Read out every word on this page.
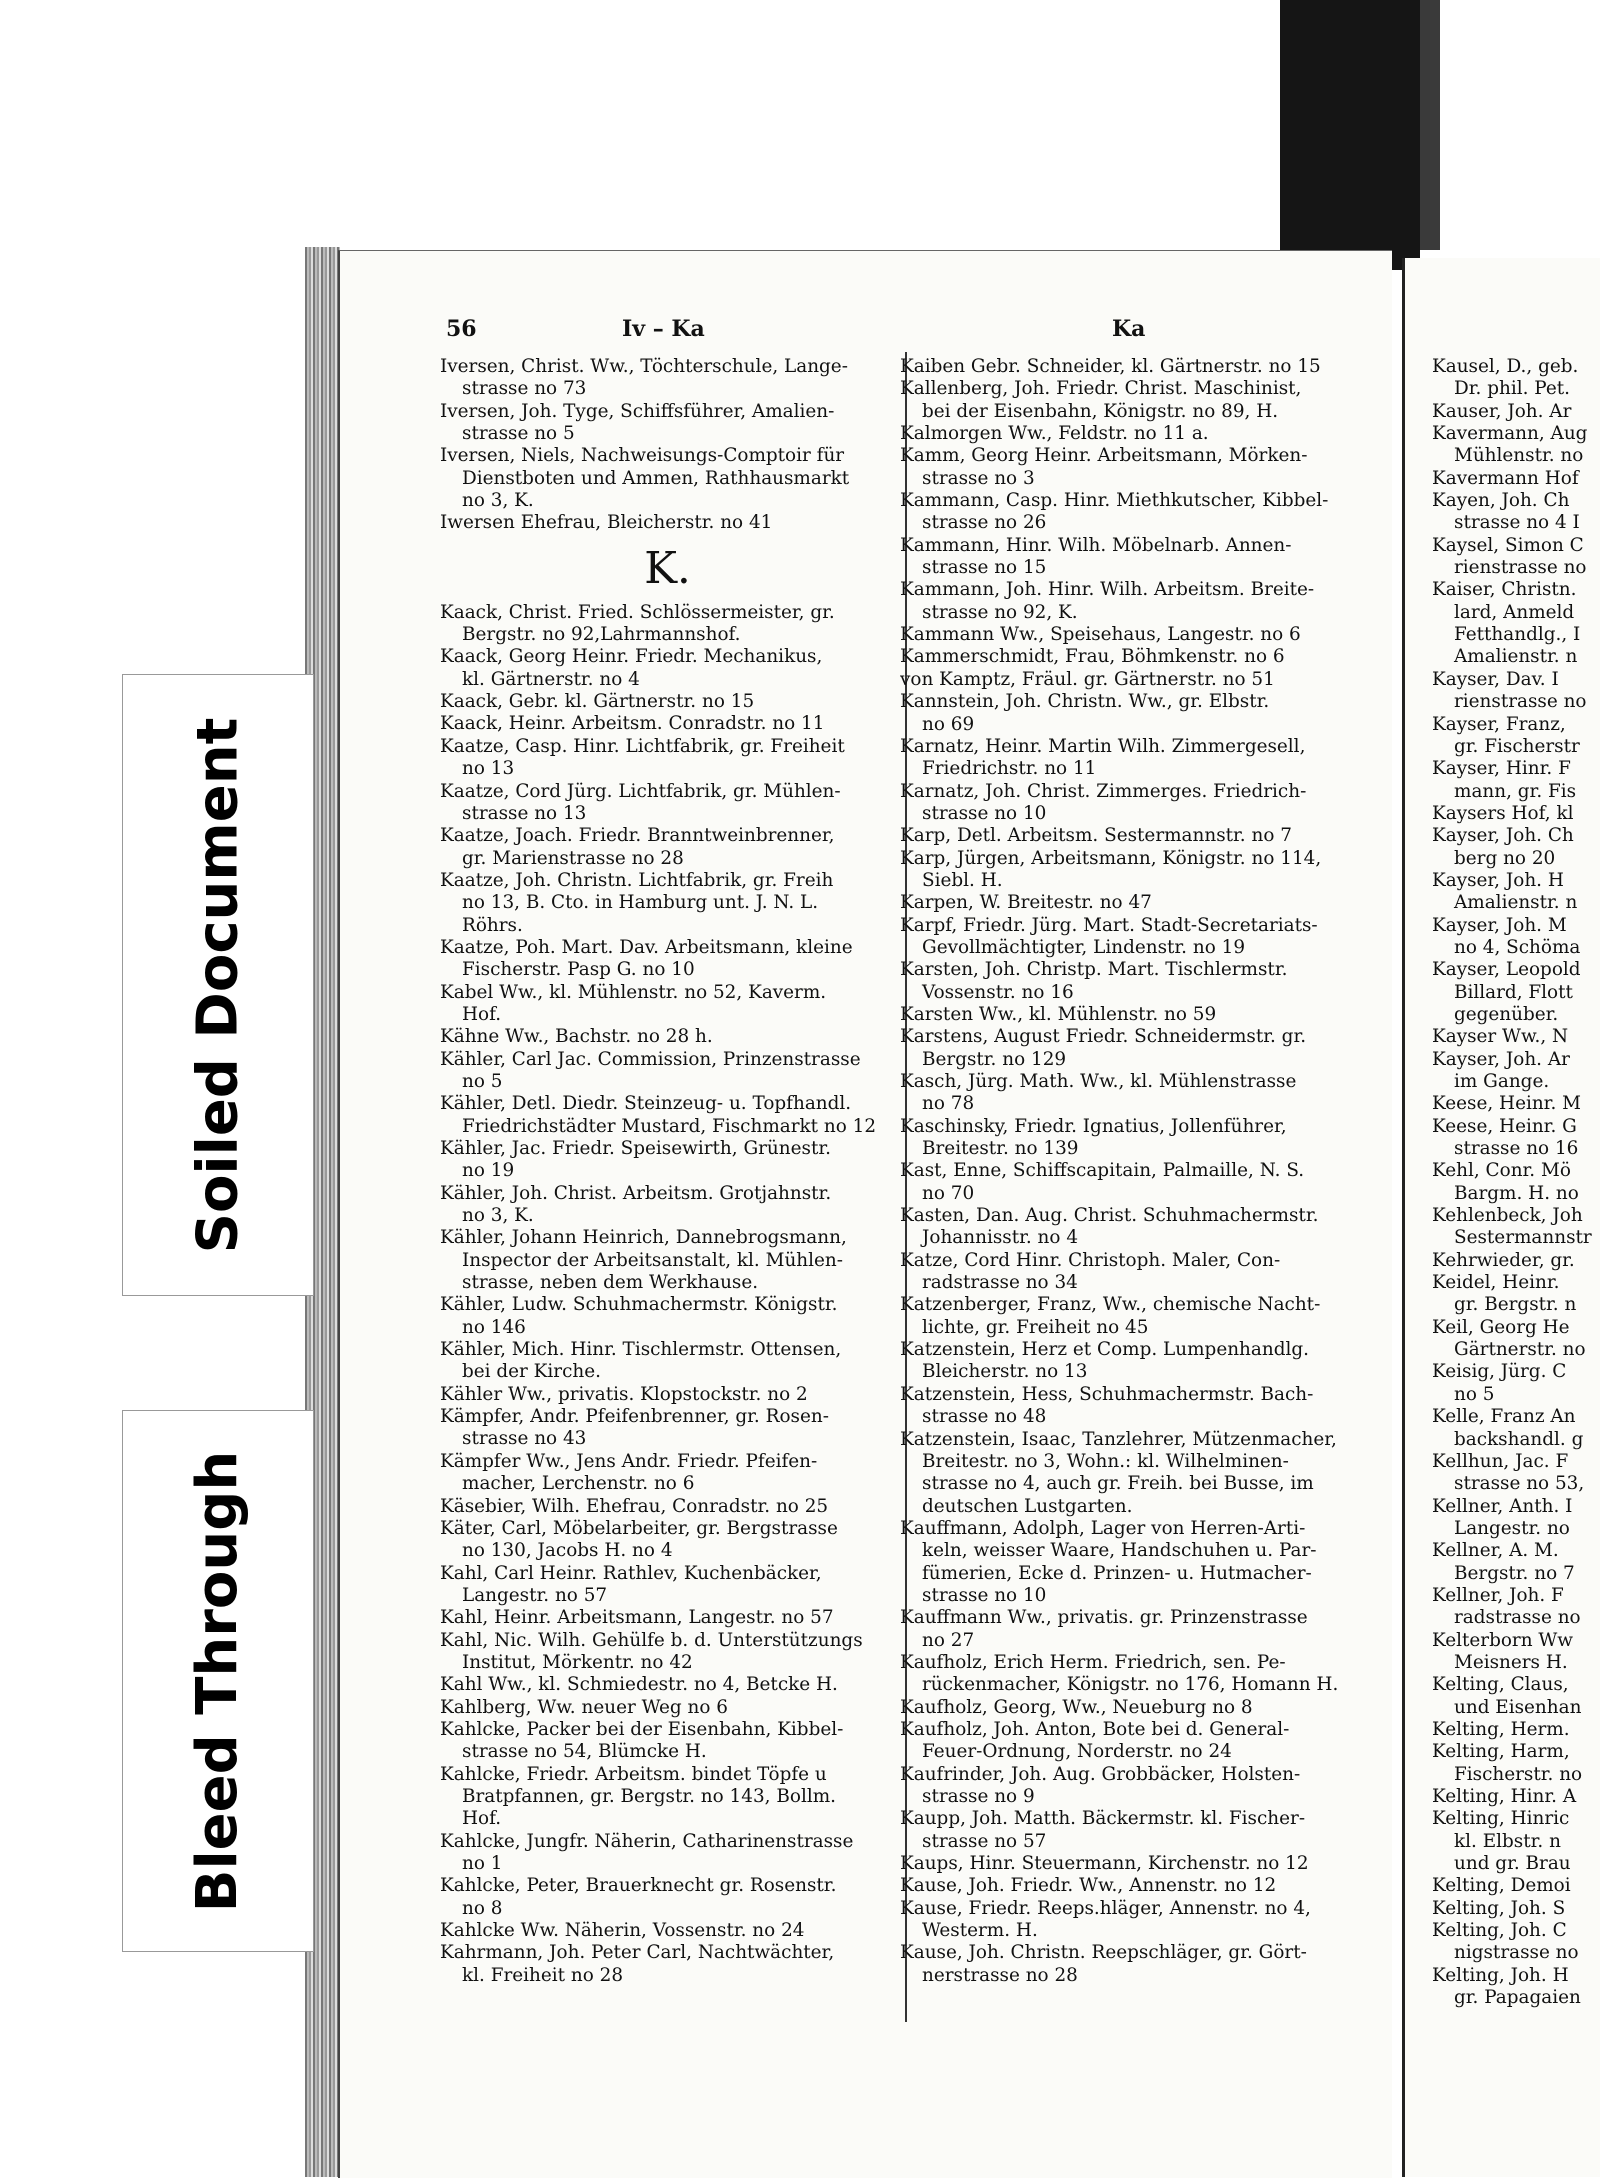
Soiled Document
Bleed Through
56	Iv – Ka	Ka
Iversen, Christ. Ww., Töchterschule, Lange-
strasse no 73
Iversen, Joh. Tyge, Schiffsführer, Amalien-
strasse no 5
Iversen, Niels, Nachweisungs-Comptoir für
Dienstboten und Ammen, Rathhausmarkt
no 3, K.
Iwersen Ehefrau, Bleicherstr. no 41
K.
Kaack, Christ. Fried. Schlössermeister, gr.
Bergstr. no 92,Lahrmannshof.
Kaack, Georg Heinr. Friedr. Mechanikus,
kl. Gärtnerstr. no 4
Kaack, Gebr. kl. Gärtnerstr. no 15
Kaack, Heinr. Arbeitsm. Conradstr. no 11
Kaatze, Casp. Hinr. Lichtfabrik, gr. Freiheit
no 13
Kaatze, Cord Jürg. Lichtfabrik, gr. Mühlen-
strasse no 13
Kaatze, Joach. Friedr. Branntweinbrenner,
gr. Marienstrasse no 28
Kaatze, Joh. Christn. Lichtfabrik, gr. Freih
no 13, B. Cto. in Hamburg unt. J. N. L.
Röhrs.
Kaatze, Poh. Mart. Dav. Arbeitsmann, kleine
Fischerstr. Pasp G. no 10
Kabel Ww., kl. Mühlenstr. no 52, Kaverm.
Hof.
Kähne Ww., Bachstr. no 28 h.
Kähler, Carl Jac. Commission, Prinzenstrasse
no 5
Kähler, Detl. Diedr. Steinzeug- u. Topfhandl.
Friedrichstädter Mustard, Fischmarkt no 12
Kähler, Jac. Friedr. Speisewirth, Grünestr.
no 19
Kähler, Joh. Christ. Arbeitsm. Grotjahnstr.
no 3, K.
Kähler, Johann Heinrich, Dannebrogsmann,
Inspector der Arbeitsanstalt, kl. Mühlen-
strasse, neben dem Werkhause.
Kähler, Ludw. Schuhmachermstr. Königstr.
no 146
Kähler, Mich. Hinr. Tischlermstr. Ottensen,
bei der Kirche.
Kähler Ww., privatis. Klopstockstr. no 2
Kämpfer, Andr. Pfeifenbrenner, gr. Rosen-
strasse no 43
Kämpfer Ww., Jens Andr. Friedr. Pfeifen-
macher, Lerchenstr. no 6
Käsebier, Wilh. Ehefrau, Conradstr. no 25
Käter, Carl, Möbelarbeiter, gr. Bergstrasse
no 130, Jacobs H. no 4
Kahl, Carl Heinr. Rathlev, Kuchenbäcker,
Langestr. no 57
Kahl, Heinr. Arbeitsmann, Langestr. no 57
Kahl, Nic. Wilh. Gehülfe b. d. Unterstützungs
Institut, Mörkentr. no 42
Kahl Ww., kl. Schmiedestr. no 4, Betcke H.
Kahlberg, Ww. neuer Weg no 6
Kahlcke, Packer bei der Eisenbahn, Kibbel-
strasse no 54, Blümcke H.
Kahlcke, Friedr. Arbeitsm. bindet Töpfe u
Bratpfannen, gr. Bergstr. no 143, Bollm.
Hof.
Kahlcke, Jungfr. Näherin, Catharinenstrasse
no 1
Kahlcke, Peter, Brauerknecht gr. Rosenstr.
no 8
Kahlcke Ww. Näherin, Vossenstr. no 24
Kahrmann, Joh. Peter Carl, Nachtwächter,
kl. Freiheit no 28
Kaiben Gebr. Schneider, kl. Gärtnerstr. no 15
Kallenberg, Joh. Friedr. Christ. Maschinist,
bei der Eisenbahn, Königstr. no 89, H.
Kalmorgen Ww., Feldstr. no 11 a.
Kamm, Georg Heinr. Arbeitsmann, Mörken-
strasse no 3
Kammann, Casp. Hinr. Miethkutscher, Kibbel-
strasse no 26
Kammann, Hinr. Wilh. Möbelnarb. Annen-
strasse no 15
Kammann, Joh. Hinr. Wilh. Arbeitsm. Breite-
strasse no 92, K.
Kammann Ww., Speisehaus, Langestr. no 6
Kammerschmidt, Frau, Böhmkenstr. no 6
von Kamptz, Fräul. gr. Gärtnerstr. no 51
Kannstein, Joh. Christn. Ww., gr. Elbstr.
no 69
Karnatz, Heinr. Martin Wilh. Zimmergesell,
Friedrichstr. no 11
Karnatz, Joh. Christ. Zimmerges. Friedrich-
strasse no 10
Karp, Detl. Arbeitsm. Sestermannstr. no 7
Karp, Jürgen, Arbeitsmann, Königstr. no 114,
Siebl. H.
Karpen, W. Breitestr. no 47
Karpf, Friedr. Jürg. Mart. Stadt-Secretariats-
Gevollmächtigter, Lindenstr. no 19
Karsten, Joh. Christp. Mart. Tischlermstr.
Vossenstr. no 16
Karsten Ww., kl. Mühlenstr. no 59
Karstens, August Friedr. Schneidermstr. gr.
Bergstr. no 129
Kasch, Jürg. Math. Ww., kl. Mühlenstrasse
no 78
Kaschinsky, Friedr. Ignatius, Jollenführer,
Breitestr. no 139
Kast, Enne, Schiffscapitain, Palmaille, N. S.
no 70
Kasten, Dan. Aug. Christ. Schuhmachermstr.
Johannisstr. no 4
Katze, Cord Hinr. Christoph. Maler, Con-
radstrasse no 34
Katzenberger, Franz, Ww., chemische Nacht-
lichte, gr. Freiheit no 45
Katzenstein, Herz et Comp. Lumpenhandlg.
Bleicherstr. no 13
Katzenstein, Hess, Schuhmachermstr. Bach-
strasse no 48
Katzenstein, Isaac, Tanzlehrer, Mützenmacher,
Breitestr. no 3, Wohn.: kl. Wilhelminen-
strasse no 4, auch gr. Freih. bei Busse, im
deutschen Lustgarten.
Kauffmann, Adolph, Lager von Herren-Arti-
keln, weisser Waare, Handschuhen u. Par-
fümerien, Ecke d. Prinzen- u. Hutmacher-
strasse no 10
Kauffmann Ww., privatis. gr. Prinzenstrasse
no 27
Kaufholz, Erich Herm. Friedrich, sen. Pe-
rückenmacher, Königstr. no 176, Homann H.
Kaufholz, Georg, Ww., Neueburg no 8
Kaufholz, Joh. Anton, Bote bei d. General-
Feuer-Ordnung, Norderstr. no 24
Kaufrinder, Joh. Aug. Grobbäcker, Holsten-
strasse no 9
Kaupp, Joh. Matth. Bäckermstr. kl. Fischer-
strasse no 57
Kaups, Hinr. Steuermann, Kirchenstr. no 12
Kause, Joh. Friedr. Ww., Annenstr. no 12
Kause, Friedr. Reeps.hläger, Annenstr. no 4,
Westerm. H.
Kause, Joh. Christn. Reepschläger, gr. Gört-
nerstrasse no 28
Kausel, D., geb.
Dr. phil. Pet.
Kauser, Joh. Ar
Kavermann, Aug
Mühlenstr. no
Kavermann Hof
Kayen, Joh. Ch
strasse no 4 I
Kaysel, Simon C
rienstrasse no
Kaiser, Christn.
lard, Anmeld
Fetthandlg., I
Amalienstr. n
Kayser, Dav. I
rienstrasse no
Kayser, Franz,
gr. Fischerstr
Kayser, Hinr. F
mann, gr. Fis
Kaysers Hof, kl
Kayser, Joh. Ch
berg no 20
Kayser, Joh. H
Amalienstr. n
Kayser, Joh. M
no 4, Schöma
Kayser, Leopold
Billard, Flott
gegenüber.
Kayser Ww., N
Kayser, Joh. Ar
im Gange.
Keese, Heinr. M
Keese, Heinr. G
strasse no 16
Kehl, Conr. Mö
Bargm. H. no
Kehlenbeck, Joh
Sestermannstr
Kehrwieder, gr.
Keidel, Heinr.
gr. Bergstr. n
Keil, Georg He
Gärtnerstr. no
Keisig, Jürg. C
no 5
Kelle, Franz An
backshandl. g
Kellhun, Jac. F
strasse no 53,
Kellner, Anth. I
Langestr. no
Kellner, A. M.
Bergstr. no 7
Kellner, Joh. F
radstrasse no
Kelterborn Ww
Meisners H.
Kelting, Claus,
und Eisenhan
Kelting, Herm.
Kelting, Harm,
Fischerstr. no
Kelting, Hinr. A
Kelting, Hinric
kl. Elbstr. n
und gr. Brau
Kelting, Demoi
Kelting, Joh. S
Kelting, Joh. C
nigstrasse no
Kelting, Joh. H
gr. Papagaien
